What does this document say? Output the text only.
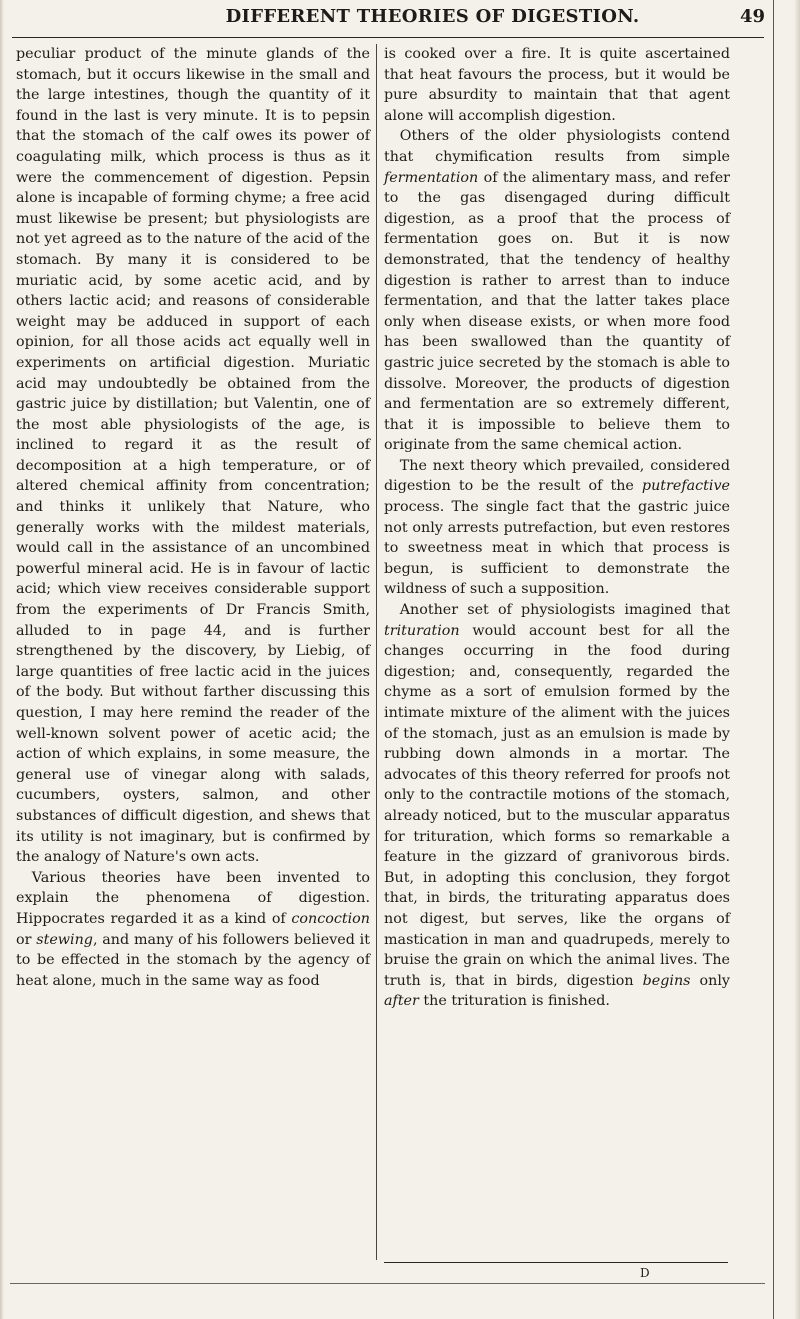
DIFFERENT THEORIES OF DIGESTION.	49

peculiar product of the minute glands of the stomach, but it occurs likewise in the small and the large intestines, though the quantity of it found in the last is very minute. It is to pepsin that the stomach of the calf owes its power of coagulating milk, which process is thus as it were the commencement of digestion. Pepsin alone is incapable of forming chyme; a free acid must likewise be present; but physiologists are not yet agreed as to the nature of the acid of the stomach. By many it is considered to be muriatic acid, by some acetic acid, and by others lactic acid; and reasons of considerable weight may be adduced in support of each opinion, for all those acids act equally well in experiments on artificial digestion. Muriatic acid may undoubtedly be obtained from the gastric juice by distillation; but Valentin, one of the most able physiologists of the age, is inclined to regard it as the result of decomposition at a high temperature, or of altered chemical affinity from concentration; and thinks it unlikely that Nature, who generally works with the mildest materials, would call in the assistance of an uncombined powerful mineral acid. He is in favour of lactic acid; which view receives considerable support from the experiments of Dr Francis Smith, alluded to in page 44, and is further strengthened by the discovery, by Liebig, of large quantities of free lactic acid in the juices of the body. But without farther discussing this question, I may here remind the reader of the well-known solvent power of acetic acid; the action of which explains, in some measure, the general use of vinegar along with salads, cucumbers, oysters, salmon, and other substances of difficult digestion, and shews that its utility is not imaginary, but is confirmed by the analogy of Nature's own acts.

Various theories have been invented to explain the phenomena of digestion. Hippocrates regarded it as a kind of concoction or stewing, and many of his followers believed it to be effected in the stomach by the agency of heat alone, much in the same way as food

is cooked over a fire. It is quite ascertained that heat favours the process, but it would be pure absurdity to maintain that that agent alone will accomplish digestion.

Others of the older physiologists contend that chymification results from simple fermentation of the alimentary mass, and refer to the gas disengaged during difficult digestion, as a proof that the process of fermentation goes on. But it is now demonstrated, that the tendency of healthy digestion is rather to arrest than to induce fermentation, and that the latter takes place only when disease exists, or when more food has been swallowed than the quantity of gastric juice secreted by the stomach is able to dissolve. Moreover, the products of digestion and fermentation are so extremely different, that it is impossible to believe them to originate from the same chemical action.

The next theory which prevailed, considered digestion to be the result of the putrefactive process. The single fact that the gastric juice not only arrests putrefaction, but even restores to sweetness meat in which that process is begun, is sufficient to demonstrate the wildness of such a supposition.

Another set of physiologists imagined that trituration would account best for all the changes occurring in the food during digestion; and, consequently, regarded the chyme as a sort of emulsion formed by the intimate mixture of the aliment with the juices of the stomach, just as an emulsion is made by rubbing down almonds in a mortar. The advocates of this theory referred for proofs not only to the contractile motions of the stomach, already noticed, but to the muscular apparatus for trituration, which forms so remarkable a feature in the gizzard of granivorous birds. But, in adopting this conclusion, they forgot that, in birds, the triturating apparatus does not digest, but serves, like the organs of mastication in man and quadrupeds, merely to bruise the grain on which the animal lives. The truth is, that in birds, digestion begins only after the trituration is finished.

D
